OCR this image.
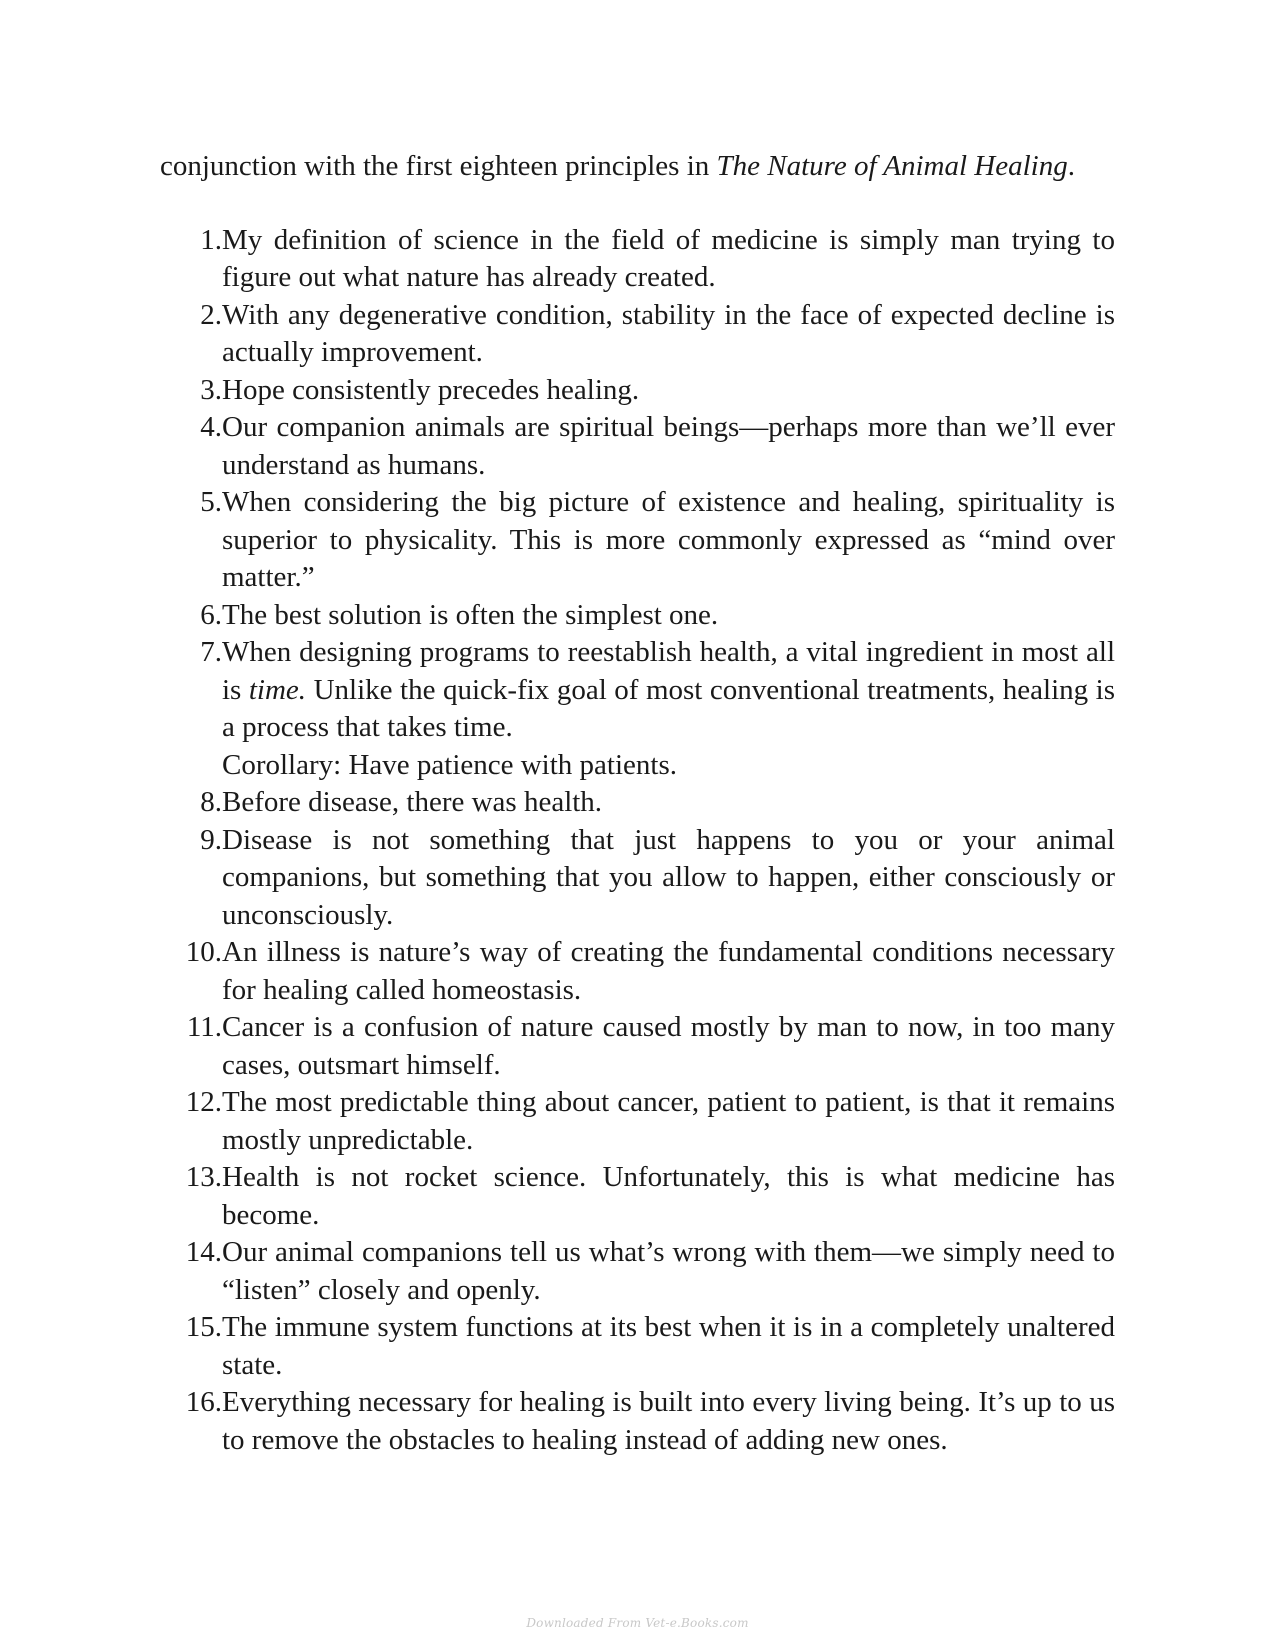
conjunction with the first eighteen principles in The Nature of Animal Healing.

1. My definition of science in the field of medicine is simply man trying to figure out what nature has already created.
2. With any degenerative condition, stability in the face of expected decline is actually improvement.
3. Hope consistently precedes healing.
4. Our companion animals are spiritual beings—perhaps more than we’ll ever understand as humans.
5. When considering the big picture of existence and healing, spirituality is superior to physicality. This is more commonly expressed as “mind over matter.”
6. The best solution is often the simplest one.
7. When designing programs to reestablish health, a vital ingredient in most all is time. Unlike the quick-fix goal of most conventional treatments, healing is a process that takes time.
Corollary: Have patience with patients.
8. Before disease, there was health.
9. Disease is not something that just happens to you or your animal companions, but something that you allow to happen, either consciously or unconsciously.
10. An illness is nature’s way of creating the fundamental conditions necessary for healing called homeostasis.
11. Cancer is a confusion of nature caused mostly by man to now, in too many cases, outsmart himself.
12. The most predictable thing about cancer, patient to patient, is that it remains mostly unpredictable.
13. Health is not rocket science. Unfortunately, this is what medicine has become.
14. Our animal companions tell us what’s wrong with them—we simply need to “listen” closely and openly.
15. The immune system functions at its best when it is in a completely unaltered state.
16. Everything necessary for healing is built into every living being. It’s up to us to remove the obstacles to healing instead of adding new ones.
Downloaded From Vet-e.Books.com
